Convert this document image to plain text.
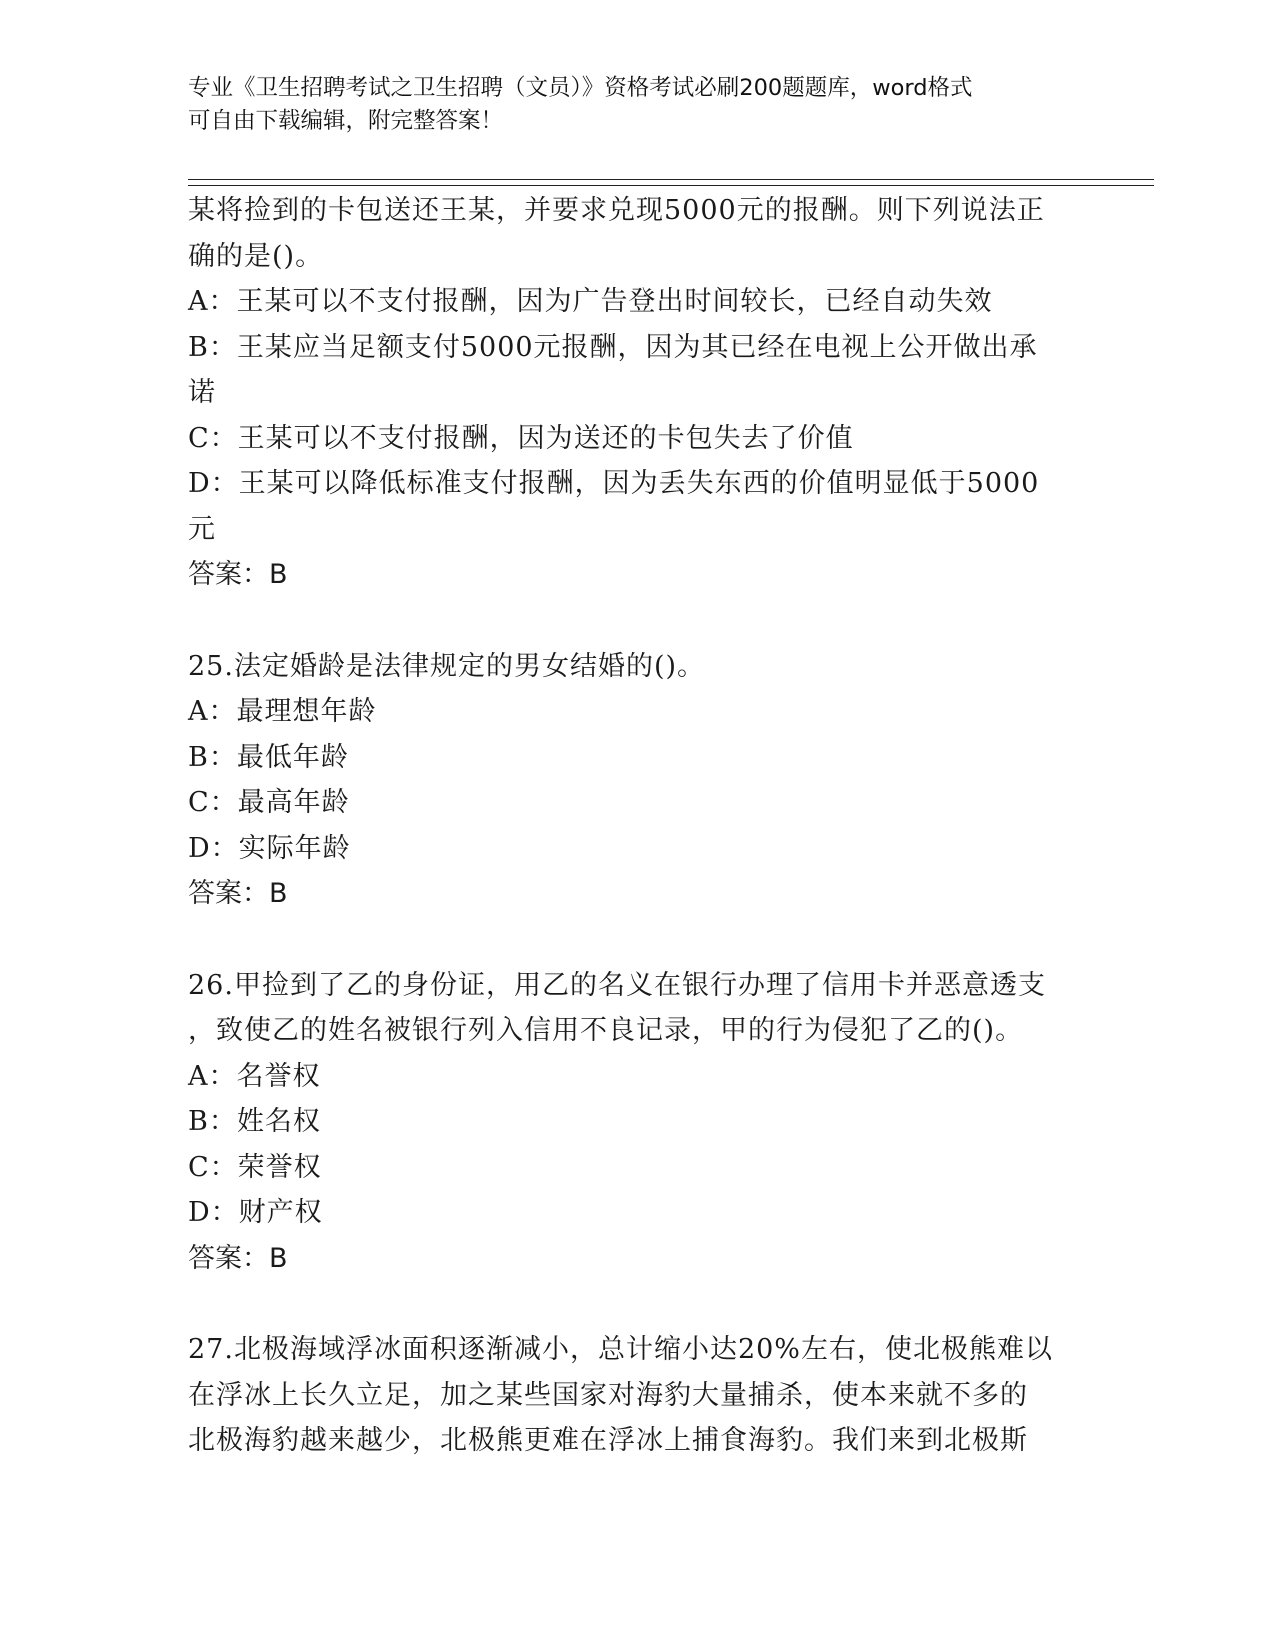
专业《卫生招聘考试之卫生招聘（文员）》资格考试必刷200题题库，word格式
可自由下载编辑，附完整答案！
某将捡到的卡包送还王某，并要求兑现5000元的报酬。则下列说法正
确的是()。
A：王某可以不支付报酬，因为广告登出时间较长，已经自动失效
B：王某应当足额支付5000元报酬，因为其已经在电视上公开做出承
诺
C：王某可以不支付报酬，因为送还的卡包失去了价值
D：王某可以降低标准支付报酬，因为丢失东西的价值明显低于5000
元
答案：B
25.法定婚龄是法律规定的男女结婚的()。
A：最理想年龄
B：最低年龄
C：最高年龄
D：实际年龄
答案：B
26.甲捡到了乙的身份证，用乙的名义在银行办理了信用卡并恶意透支
，致使乙的姓名被银行列入信用不良记录，甲的行为侵犯了乙的()。
A：名誉权
B：姓名权
C：荣誉权
D：财产权
答案：B
27.北极海域浮冰面积逐渐减小，总计缩小达20%左右，使北极熊难以
在浮冰上长久立足，加之某些国家对海豹大量捕杀，使本来就不多的
北极海豹越来越少，北极熊更难在浮冰上捕食海豹。我们来到北极斯
